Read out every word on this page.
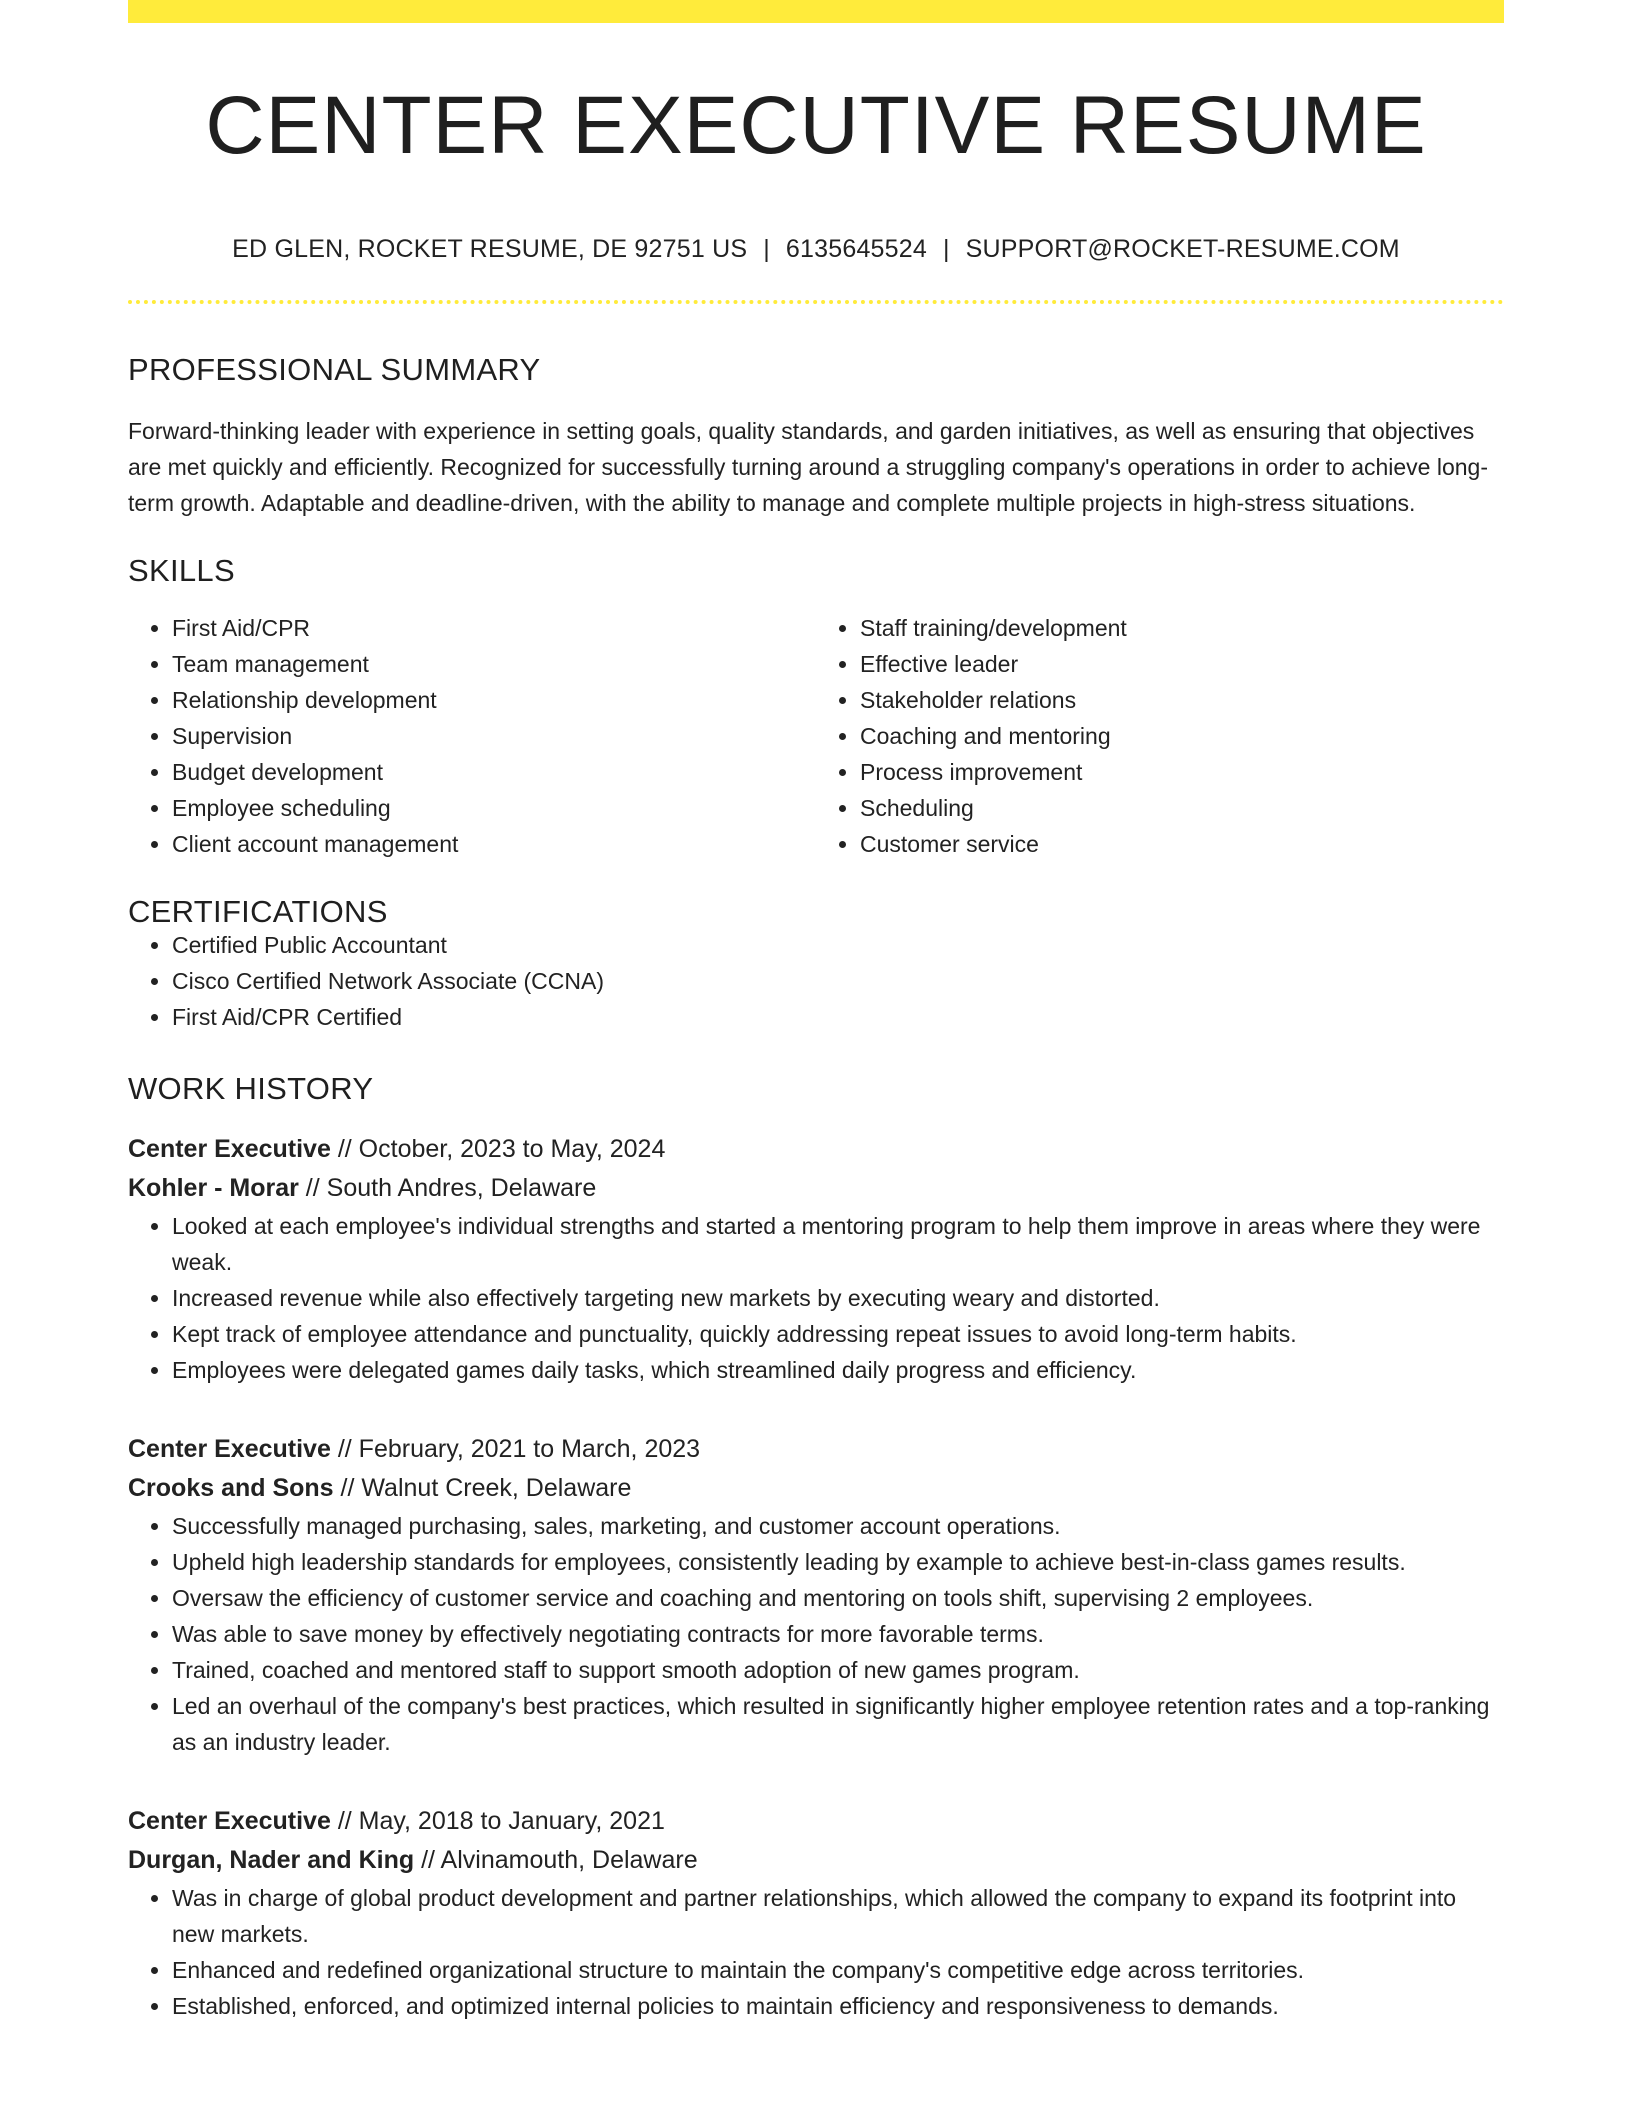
CENTER EXECUTIVE RESUME
ED GLEN, ROCKET RESUME, DE 92751 US | 6135645524 | SUPPORT@ROCKET-RESUME.COM
PROFESSIONAL SUMMARY
Forward-thinking leader with experience in setting goals, quality standards, and garden initiatives, as well as ensuring that objectives are met quickly and efficiently. Recognized for successfully turning around a struggling company's operations in order to achieve long-term growth. Adaptable and deadline-driven, with the ability to manage and complete multiple projects in high-stress situations.
SKILLS
• First Aid/CPR
• Team management
• Relationship development
• Supervision
• Budget development
• Employee scheduling
• Client account management
• Staff training/development
• Effective leader
• Stakeholder relations
• Coaching and mentoring
• Process improvement
• Scheduling
• Customer service
CERTIFICATIONS
• Certified Public Accountant
• Cisco Certified Network Associate (CCNA)
• First Aid/CPR Certified
WORK HISTORY
Center Executive // October, 2023 to May, 2024
Kohler - Morar // South Andres, Delaware
• Looked at each employee's individual strengths and started a mentoring program to help them improve in areas where they were weak.
• Increased revenue while also effectively targeting new markets by executing weary and distorted.
• Kept track of employee attendance and punctuality, quickly addressing repeat issues to avoid long-term habits.
• Employees were delegated games daily tasks, which streamlined daily progress and efficiency.
Center Executive // February, 2021 to March, 2023
Crooks and Sons // Walnut Creek, Delaware
• Successfully managed purchasing, sales, marketing, and customer account operations.
• Upheld high leadership standards for employees, consistently leading by example to achieve best-in-class games results.
• Oversaw the efficiency of customer service and coaching and mentoring on tools shift, supervising 2 employees.
• Was able to save money by effectively negotiating contracts for more favorable terms.
• Trained, coached and mentored staff to support smooth adoption of new games program.
• Led an overhaul of the company's best practices, which resulted in significantly higher employee retention rates and a top-ranking as an industry leader.
Center Executive // May, 2018 to January, 2021
Durgan, Nader and King // Alvinamouth, Delaware
• Was in charge of global product development and partner relationships, which allowed the company to expand its footprint into new markets.
• Enhanced and redefined organizational structure to maintain the company's competitive edge across territories.
• Established, enforced, and optimized internal policies to maintain efficiency and responsiveness to demands.
